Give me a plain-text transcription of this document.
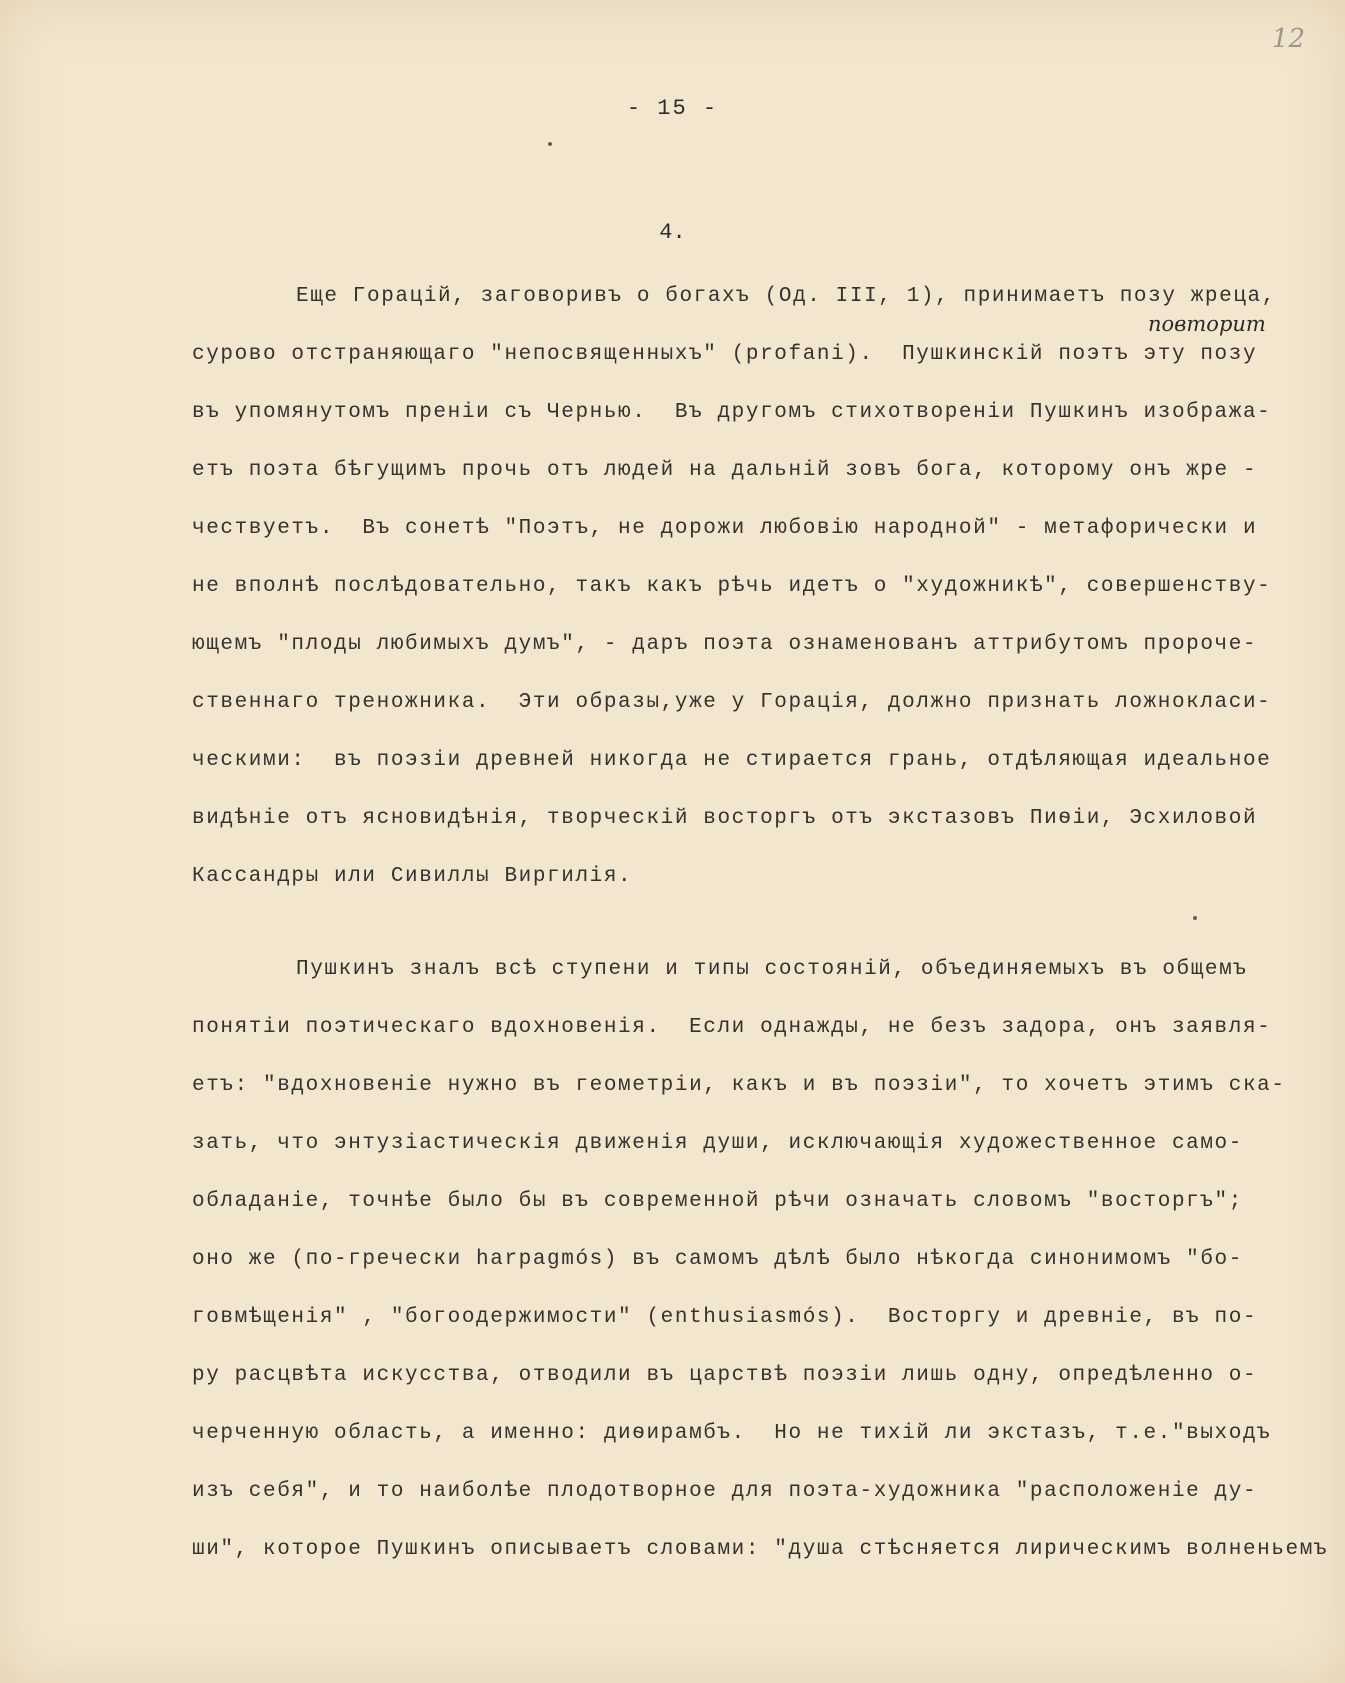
12
- 15 -
4.
повторит
Еще Горацій, заговоривъ о богахъ (Од. III, 1), принимаетъ позу жреца,
сурово отстраняющаго "непосвященныхъ" (profani).  Пушкинскій поэтъ эту позу
въ упомянутомъ преніи съ Чернью.  Въ другомъ стихотвореніи Пушкинъ изобража-
етъ поэта бѣгущимъ прочь отъ людей на дальній зовъ бога, которому онъ жре -
чествуетъ.  Въ сонетѣ "Поэтъ, не дорожи любовію народной" - метафорически и
не вполнѣ послѣдовательно, такъ какъ рѣчь идетъ о "художникѣ", совершенству-
ющемъ "плоды любимыхъ думъ", - даръ поэта ознаменованъ аттрибутомъ пророче-
ственнаго треножника.  Эти образы,уже у Горація, должно признать ложноклаcи-
ческими:  въ поэзіи древней никогда не стирается грань, отдѣляющая идеальное
видѣніе отъ ясновидѣнія, творческій восторгъ отъ экстазовъ Пиѳіи, Эсхиловой
Кассандры или Сивиллы Виргилія.
Пушкинъ зналъ всѣ ступени и типы состояній, объединяемыхъ въ общемъ
понятіи поэтическаго вдохновенія.  Если однажды, не безъ задора, онъ заявля-
етъ: "вдохновеніе нужно въ геометріи, какъ и въ поэзіи", то хочетъ этимъ ска-
зать, что энтузіастическія движенія души, исключающія художественное само-
обладаніе, точнѣе было бы въ современной рѣчи означать словомъ "восторгъ";
оно же (по-гречески harpagmós) въ самомъ дѣлѣ было нѣкогда синонимомъ "бо-
говмѣщенія" , "богоодержимости" (enthusiasmós).  Восторгу и древніе, въ по-
ру расцвѣта искусства, отводили въ царствѣ поэзіи лишь одну, опредѣленно о-
черченную область, а именно: диѳирамбъ.  Но не тихій ли экстазъ, т.е."выходъ
изъ себя", и то наиболѣе плодотворное для поэта-художника "расположеніе ду-
ши", которое Пушкинъ описываетъ словами: "душа стѣсняется лирическимъ волненьемъ
